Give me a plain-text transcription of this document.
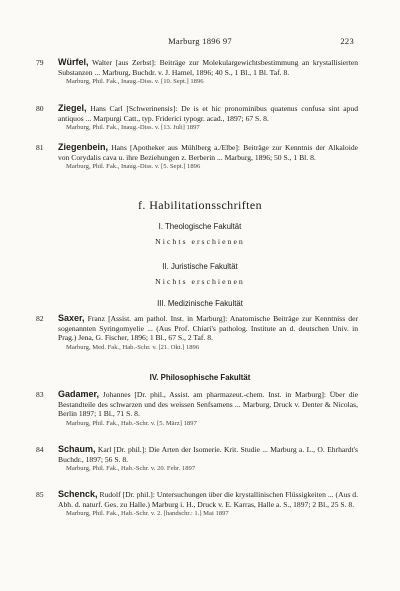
Marburg 1896 97	223
79 Würfel, Walter [aus Zerbst]: Beiträge zur Molekulargewichtsbestimmung an krystallisierten Substanzen ... Marburg, Buchdr. v. J. Hamel, 1896; 40 S., 1 Bl., 1 Bl. Taf. 8.
Marburg, Phil. Fak., Inaug.-Diss. v. [10. Sept.] 1896
80 Ziegel, Hans Carl [Schwerinensis]: De is et hic pronominibus quatenus confusa sint apud antiquos ... Marpurgi Catt., typ. Friderici typogr. acad., 1897; 67 S. 8.
Marburg, Phil. Fak., Inaug.-Diss. v. [13. Juli] 1897
81 Ziegenbein, Hans [Apotheker aus Mühlberg a./Elbe]: Beiträge zur Kenntnis der Alkaloide von Corydalis cava u. ihre Beziehungen z. Berberin ... Marburg, 1896; 50 S., 1 Bl. 8.
Marburg, Phil. Fak., Inaug.-Diss. v. [5. Sept.] 1896
f. Habilitationsschriften
I. Theologische Fakultät
Nichts erschienen
II. Juristische Fakultät
Nichts erschienen
III. Medizinische Fakultät
82 Saxer, Franz [Assist. am pathol. Inst. in Marburg]: Anatomische Beiträge zur Kenntniss der sogenannten Syringomyelie ... (Aus Prof. Chiari's patholog. Institute an d. deutschen Univ. in Prag.) Jena, G. Fischer, 1896; 1 Bl., 67 S., 2 Taf. 8.
Marburg, Med. Fak., Hab.-Schr. v. [21. Okt.] 1896
IV. Philosophische Fakultät
83 Gadamer, Johannes [Dr. phil., Assist. am pharmazeut.-chem. Inst. in Marburg]: Über die Bestandteile des schwarzen und des weissen Senfsamens ... Marburg, Druck v. Denter & Nicolas, Berlin 1897; 1 Bl., 71 S. 8.
Marburg, Phil. Fak., Hab.-Schr. v. [5. März] 1897
84 Schaum, Karl [Dr. phil.]: Die Arten der Isomerie. Krit. Studie ... Marburg a. L., O. Ehrhardt's Buchdr., 1897; 56 S. 8.
Marburg, Phil. Fak., Hab.-Schr. v. 20. Febr. 1897
85 Schenck, Rudolf [Dr. phil.]: Untersuchungen über die krystallinischen Flüssigkeiten ... (Aus d. Abh. d. naturf. Ges. zu Halle.) Marburg i. H., Druck v. E. Karras, Halle a. S., 1897; 2 Bl., 25 S. 8.
Marburg, Phil. Fak., Hab.-Schr. v. 2. [handschr.: 1.] Mai 1897
